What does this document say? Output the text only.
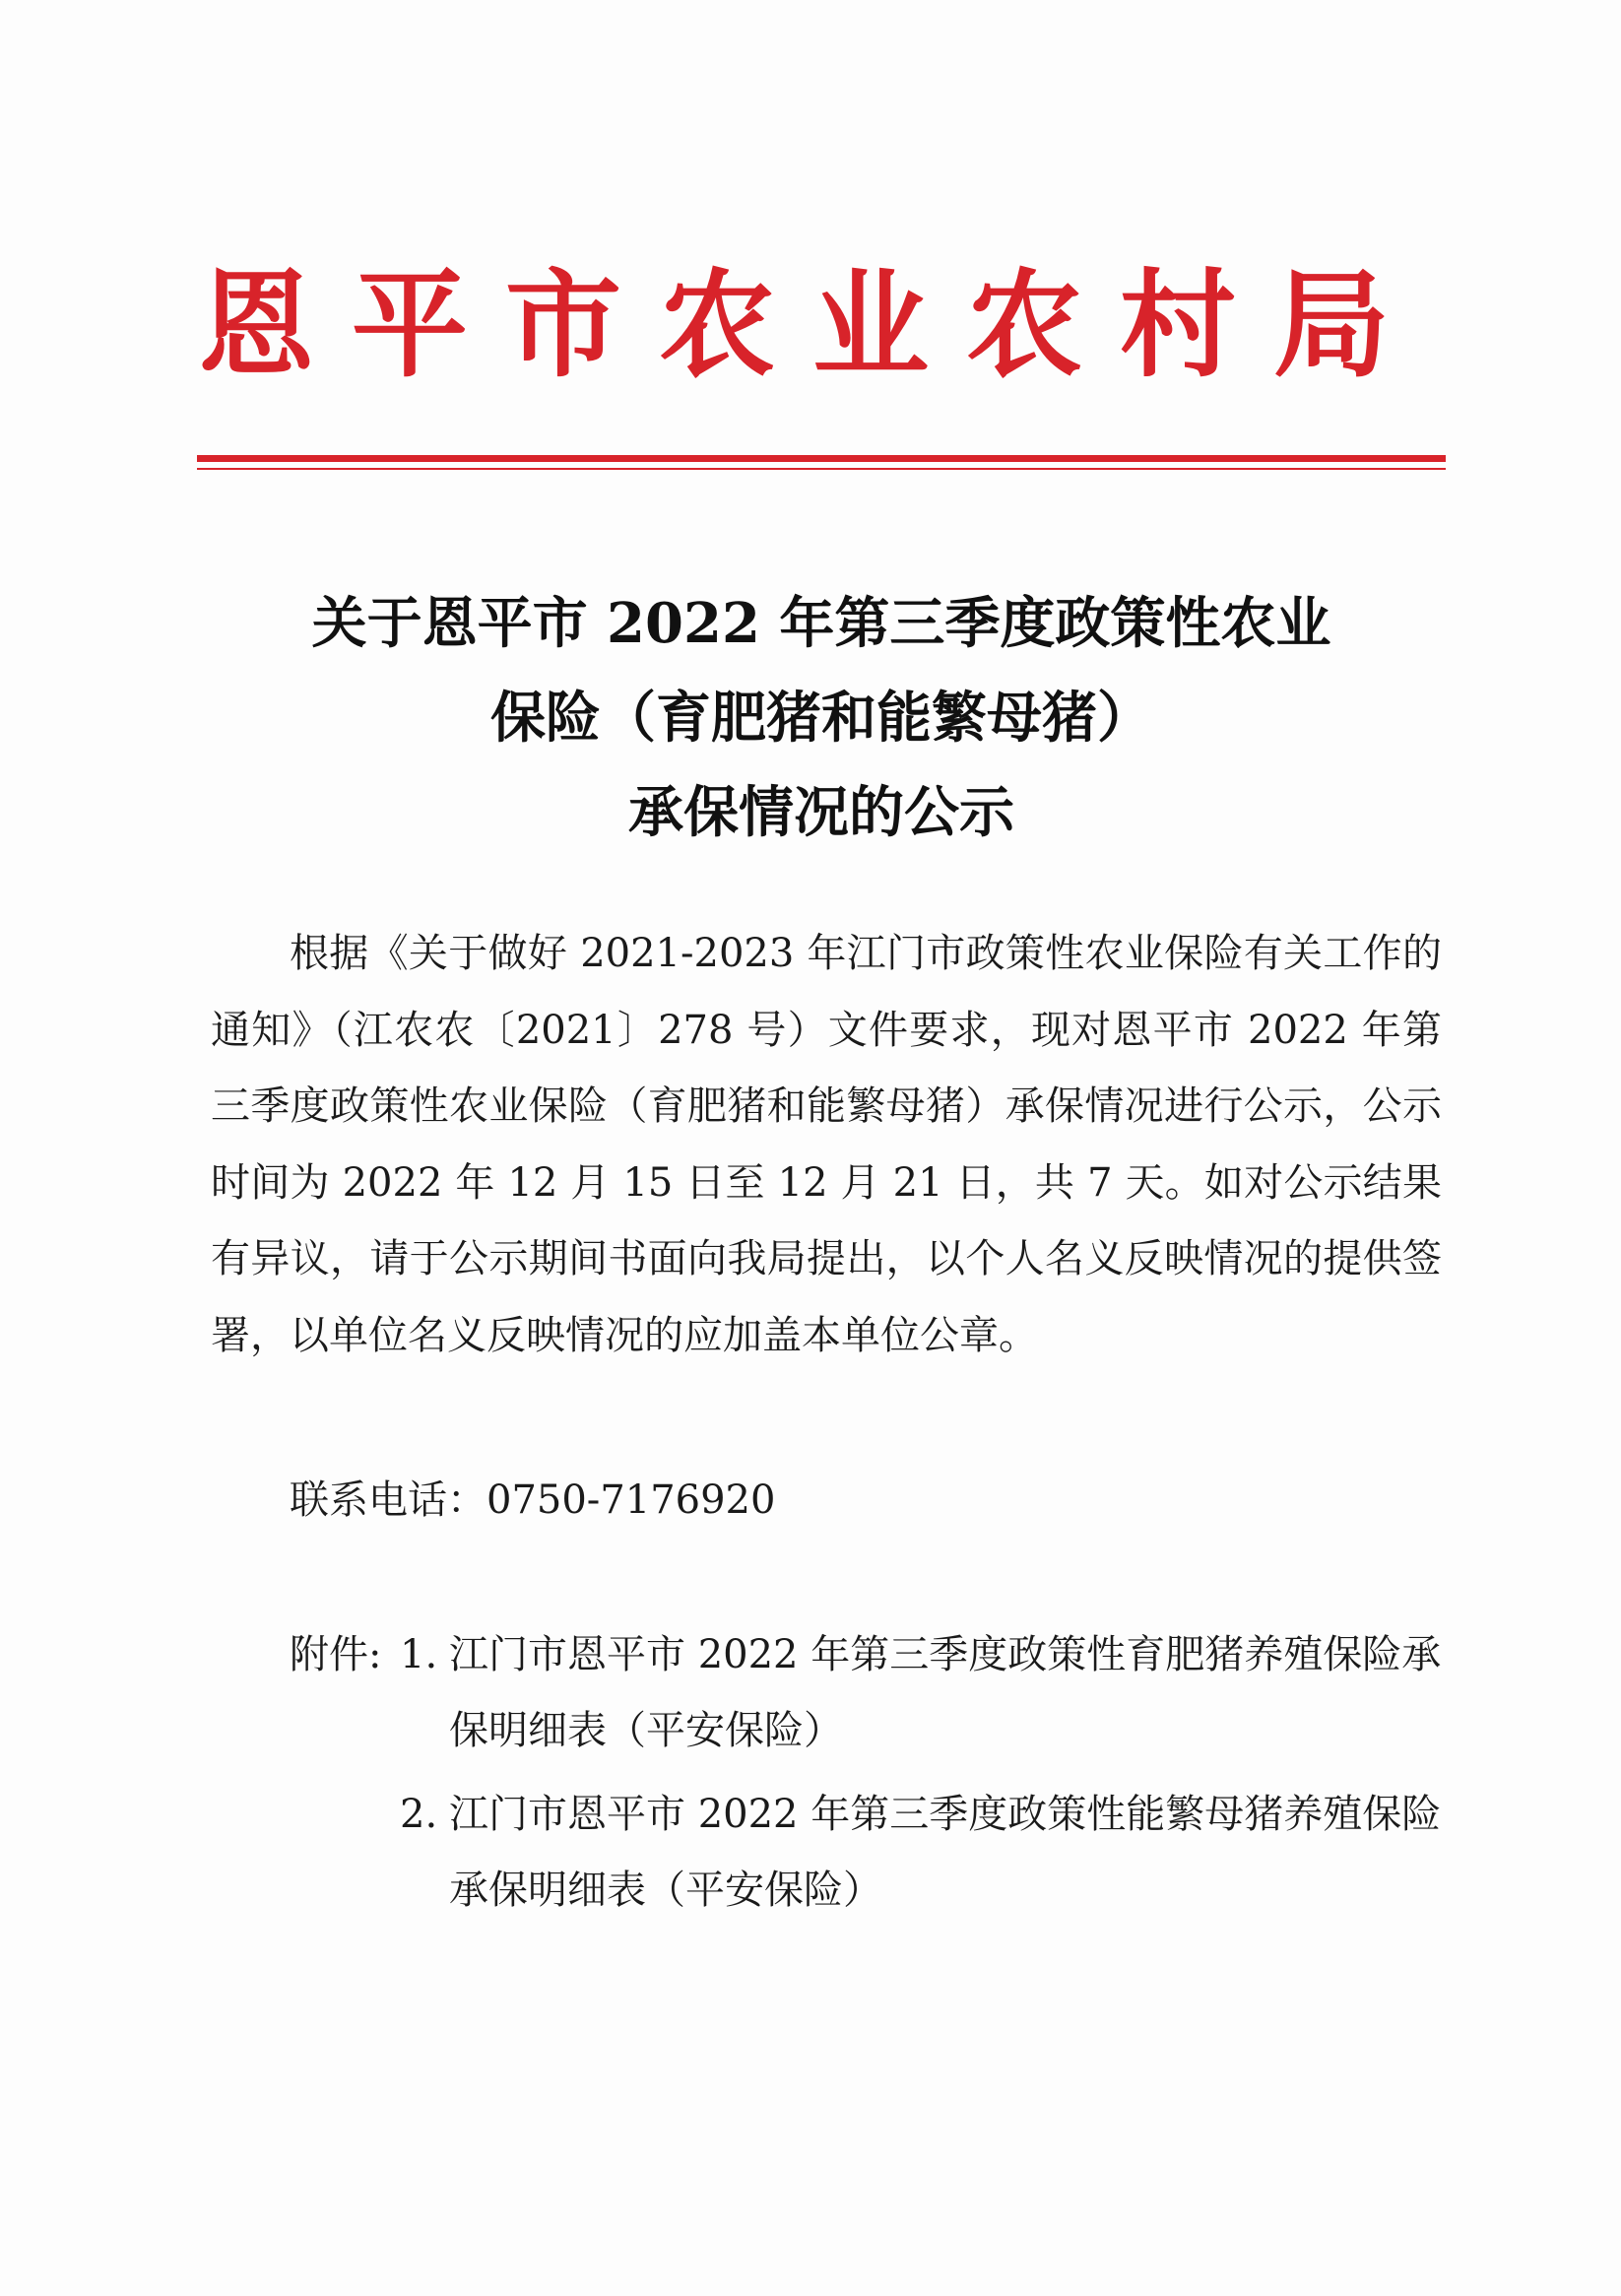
恩平市农业农村局
关于恩平市 2022 年第三季度政策性农业
保险（育肥猪和能繁母猪）
承保情况的公示

根据《关于做好 2021-2023 年江门市政策性农业保险有关工作的通知》（江农农〔2021〕278 号）文件要求，现对恩平市 2022 年第三季度政策性农业保险（育肥猪和能繁母猪）承保情况进行公示，公示时间为 2022 年 12 月 15 日至 12 月 21 日，共 7 天。如对公示结果有异议，请于公示期间书面向我局提出，以个人名义反映情况的提供签署，以单位名义反映情况的应加盖本单位公章。

联系电话：0750-7176920
附件: 1. 江门市恩平市 2022 年第三季度政策性育肥猪养殖保险承保明细表（平安保险）
2. 江门市恩平市 2022 年第三季度政策性能繁母猪养殖保险承保明细表（平安保险）
